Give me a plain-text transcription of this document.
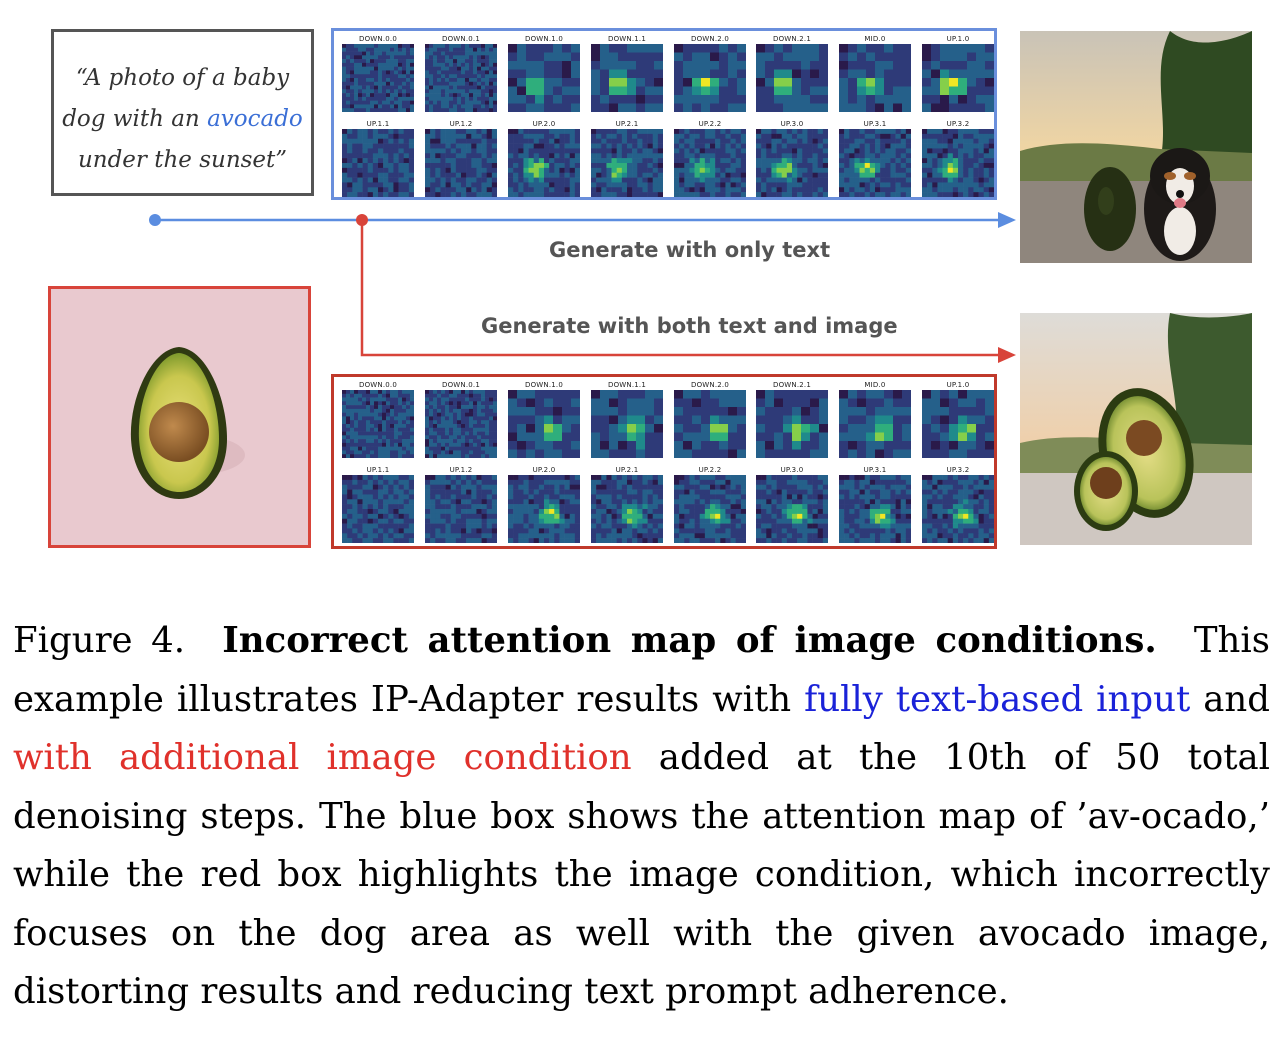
“A photo of a baby
dog with an avocado
under the sunset”
DOWN.0.0	DOWN.0.1	DOWN.1.0	DOWN.1.1	DOWN.2.0	DOWN.2.1	MID.0	UP.1.0
UP.1.1	UP.1.2	UP.2.0	UP.2.1	UP.2.2	UP.3.0	UP.3.1	UP.3.2
DOWN.0.0	DOWN.0.1	DOWN.1.0	DOWN.1.1	DOWN.2.0	DOWN.2.1	MID.0	UP.1.0
UP.1.1	UP.1.2	UP.2.0	UP.2.1	UP.2.2	UP.3.0	UP.3.1	UP.3.2
Generate with only text
Generate with both text and image
Figure 4. Incorrect attention map of image conditions. This example illustrates IP-Adapter results with fully text-based input and with additional image condition added at the 10th of 50 total denoising steps. The blue box shows the attention map of ’av-ocado,’ while the red box highlights the image condition, which incorrectly focuses on the dog area as well with the given avocado image, distorting results and reducing text prompt adherence.
